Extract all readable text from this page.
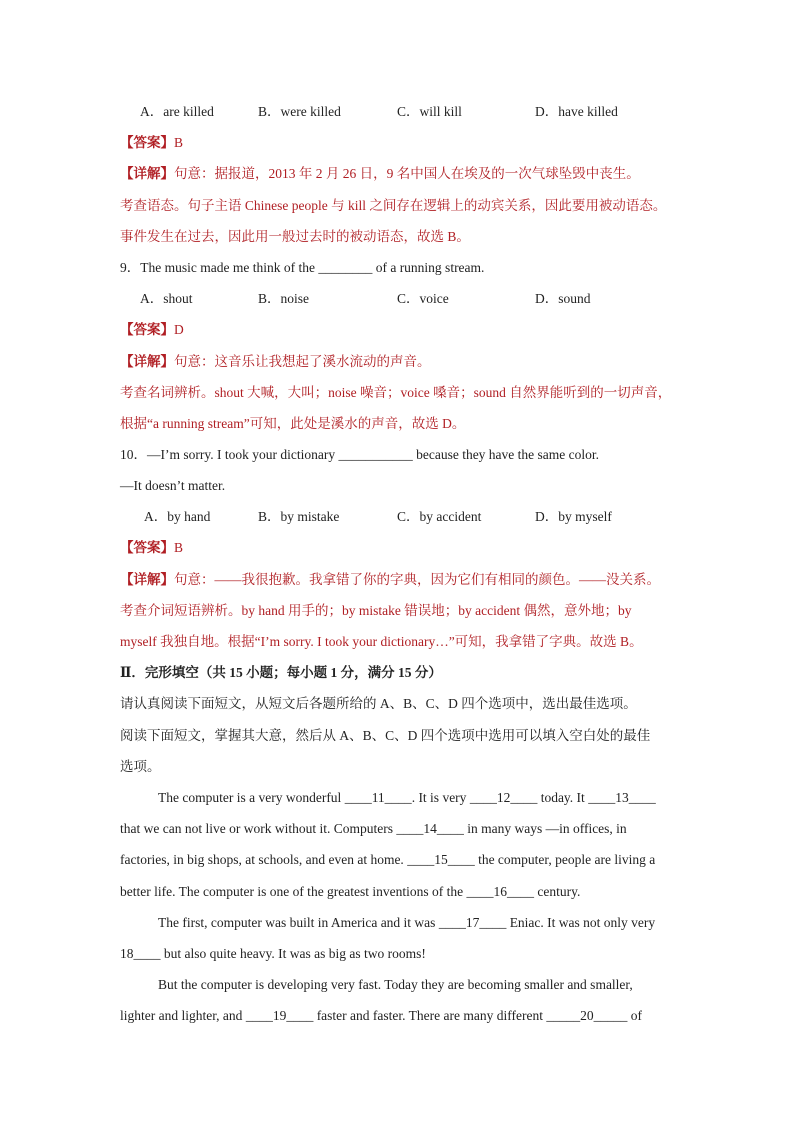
A．are killed	B．were killed	C．will kill	D．have killed
【答案】B
【详解】句意：据报道，2013 年 2 月 26 日，9 名中国人在埃及的一次气球坠毁中丧生。
考查语态。句子主语 Chinese people 与 kill 之间存在逻辑上的动宾关系，因此要用被动语态。
事件发生在过去，因此用一般过去时的被动语态，故选 B。
9．The music made me think of the ________ of a running stream.
A．shout	B．noise	C．voice	D．sound
【答案】D
【详解】句意：这音乐让我想起了溪水流动的声音。
考查名词辨析。shout 大喊，大叫；noise 噪音；voice 嗓音；sound 自然界能听到的一切声音，
根据“a running stream”可知，此处是溪水的声音，故选 D。
10．—I’m sorry. I took your dictionary ___________ because they have the same color.
—It doesn’t matter.
A．by hand	B．by mistake	C．by accident	D．by myself
【答案】B
【详解】句意：——我很抱歉。我拿错了你的字典，因为它们有相同的颜色。——没关系。
考查介词短语辨析。by hand 用手的；by mistake 错误地；by accident 偶然，意外地；by
myself 我独自地。根据“I’m sorry. I took your dictionary…”可知，我拿错了字典。故选 B。
Ⅱ．完形填空（共 15 小题；每小题 1 分，满分 15 分）
请认真阅读下面短文，从短文后各题所给的 A、B、C、D 四个选项中，选出最佳选项。
阅读下面短文，掌握其大意，然后从 A、B、C、D 四个选项中选用可以填入空白处的最佳
选项。
The computer is a very wonderful ____11____. It is very ____12____ today. It ____13____
that we can not live or work without it. Computers ____14____ in many ways —in offices, in
factories, in big shops, at schools, and even at home. ____15____ the computer, people are living a
better life. The computer is one of the greatest inventions of the ____16____ century.
The first, computer was built in America and it was ____17____ Eniac. It was not only very
18____ but also quite heavy. It was as big as two rooms!
But the computer is developing very fast. Today they are becoming smaller and smaller,
lighter and lighter, and ____19____ faster and faster. There are many different _____20_____ of
